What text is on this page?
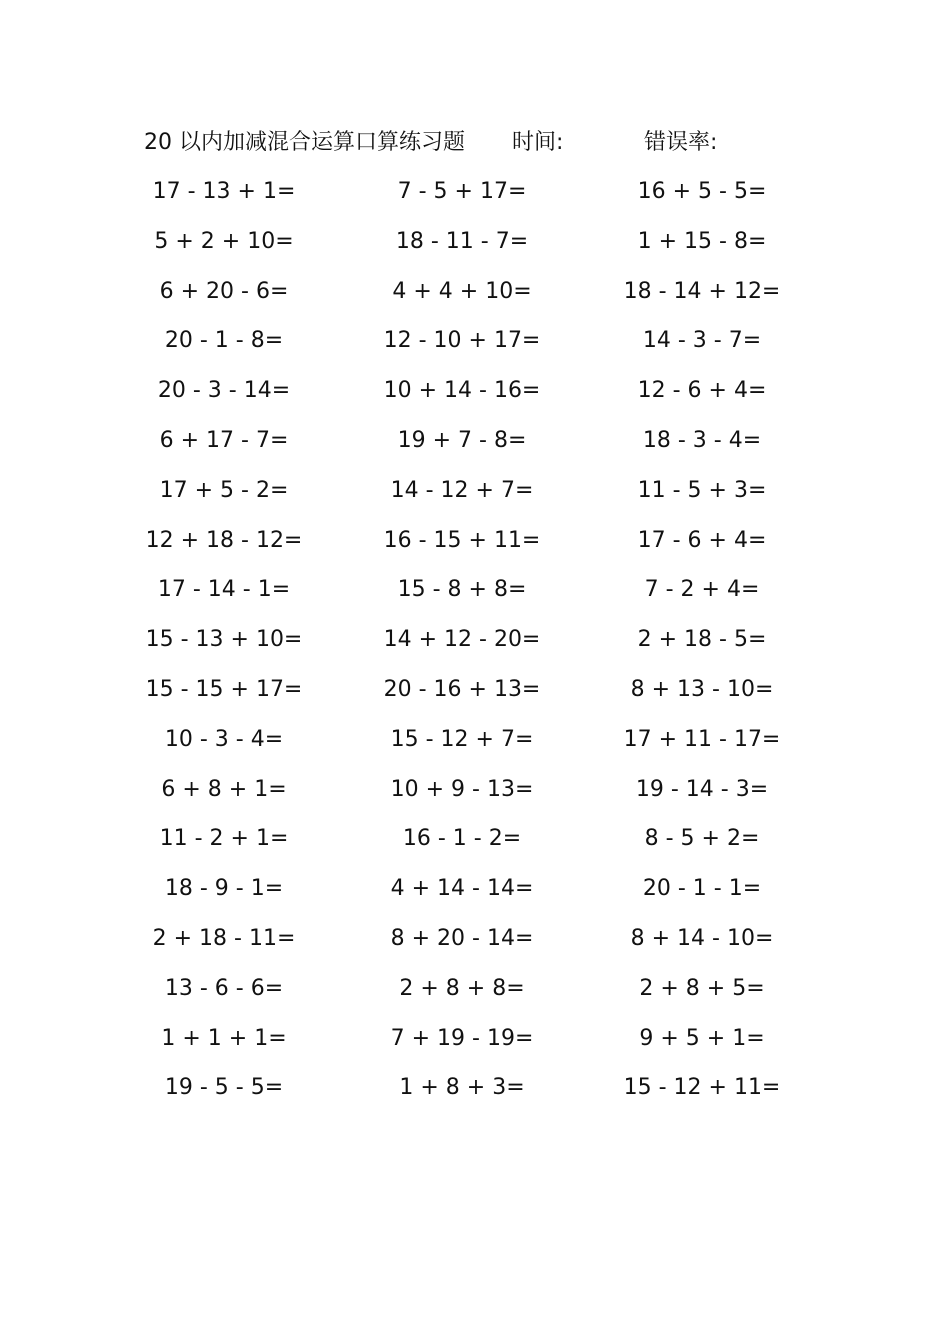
20 以内加减混合运算口算练习题 时间:	错误率:
17 - 13 + 1=	7 - 5 + 17=	16 + 5 - 5=
5 + 2 + 10=	18 - 11 - 7=	1 + 15 - 8=
6 + 20 - 6=	4 + 4 + 10=	18 - 14 + 12=
20 - 1 - 8=	12 - 10 + 17=	14 - 3 - 7=
20 - 3 - 14=	10 + 14 - 16=	12 - 6 + 4=
6 + 17 - 7=	19 + 7 - 8=	18 - 3 - 4=
17 + 5 - 2=	14 - 12 + 7=	11 - 5 + 3=
12 + 18 - 12=	16 - 15 + 11=	17 - 6 + 4=
17 - 14 - 1=	15 - 8 + 8=	7 - 2 + 4=
15 - 13 + 10=	14 + 12 - 20=	2 + 18 - 5=
15 - 15 + 17=	20 - 16 + 13=	8 + 13 - 10=
10 - 3 - 4=	15 - 12 + 7=	17 + 11 - 17=
6 + 8 + 1=	10 + 9 - 13=	19 - 14 - 3=
11 - 2 + 1=	16 - 1 - 2=	8 - 5 + 2=
18 - 9 - 1=	4 + 14 - 14=	20 - 1 - 1=
2 + 18 - 11=	8 + 20 - 14=	8 + 14 - 10=
13 - 6 - 6=	2 + 8 + 8=	2 + 8 + 5=
1 + 1 + 1=	7 + 19 - 19=	9 + 5 + 1=
19 - 5 - 5=	1 + 8 + 3=	15 - 12 + 11=
